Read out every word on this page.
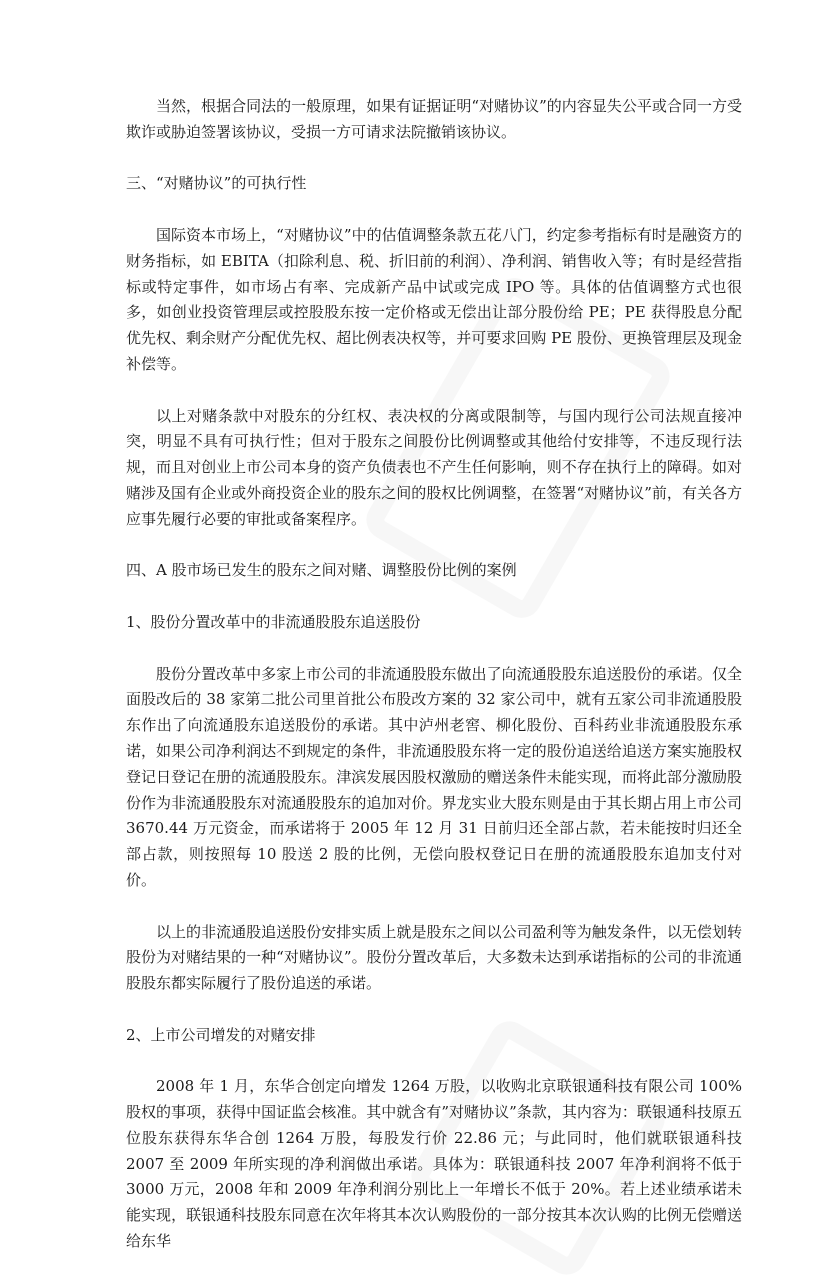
当然，根据合同法的一般原理，如果有证据证明“对赌协议”的内容显失公平或合同一方受欺诈或胁迫签署该协议，受损一方可请求法院撤销该协议。

三、“对赌协议”的可执行性

国际资本市场上，“对赌协议”中的估值调整条款五花八门，约定参考指标有时是融资方的财务指标，如 EBITA（扣除利息、税、折旧前的利润）、净利润、销售收入等；有时是经营指标或特定事件，如市场占有率、完成新产品中试或完成 IPO 等。具体的估值调整方式也很多，如创业投资管理层或控股股东按一定价格或无偿出让部分股份给 PE；PE 获得股息分配优先权、剩余财产分配优先权、超比例表决权等，并可要求回购 PE 股份、更换管理层及现金补偿等。

以上对赌条款中对股东的分红权、表决权的分离或限制等，与国内现行公司法规直接冲突，明显不具有可执行性；但对于股东之间股份比例调整或其他给付安排等，不违反现行法规，而且对创业上市公司本身的资产负债表也不产生任何影响，则不存在执行上的障碍。如对赌涉及国有企业或外商投资企业的股东之间的股权比例调整，在签署“对赌协议”前，有关各方应事先履行必要的审批或备案程序。

四、A 股市场已发生的股东之间对赌、调整股份比例的案例

1、股份分置改革中的非流通股股东追送股份

股份分置改革中多家上市公司的非流通股股东做出了向流通股股东追送股份的承诺。仅全面股改后的 38 家第二批公司里首批公布股改方案的 32 家公司中，就有五家公司非流通股股东作出了向流通股东追送股份的承诺。其中泸州老窖、柳化股份、百科药业非流通股股东承诺，如果公司净利润达不到规定的条件，非流通股股东将一定的股份追送给追送方案实施股权登记日登记在册的流通股股东。津滨发展因股权激励的赠送条件未能实现，而将此部分激励股份作为非流通股股东对流通股股东的追加对价。界龙实业大股东则是由于其长期占用上市公司 3670.44 万元资金，而承诺将于 2005 年 12 月 31 日前归还全部占款，若未能按时归还全部占款，则按照每 10 股送 2 股的比例，无偿向股权登记日在册的流通股股东追加支付对价。

以上的非流通股追送股份安排实质上就是股东之间以公司盈利等为触发条件，以无偿划转股份为对赌结果的一种“对赌协议”。股份分置改革后，大多数未达到承诺指标的公司的非流通股股东都实际履行了股份追送的承诺。

2、上市公司增发的对赌安排

2008 年 1 月，东华合创定向增发 1264 万股，以收购北京联银通科技有限公司 100%股权的事项，获得中国证监会核准。其中就含有”对赌协议”条款，其内容为：联银通科技原五位股东获得东华合创 1264 万股，每股发行价 22.86 元；与此同时，他们就联银通科技 2007 至 2009 年所实现的净利润做出承诺。具体为：联银通科技 2007 年净利润将不低于 3000 万元，2008 年和 2009 年净利润分别比上一年增长不低于 20%。若上述业绩承诺未能实现，联银通科技股东同意在次年将其本次认购股份的一部分按其本次认购的比例无偿赠送给东华
